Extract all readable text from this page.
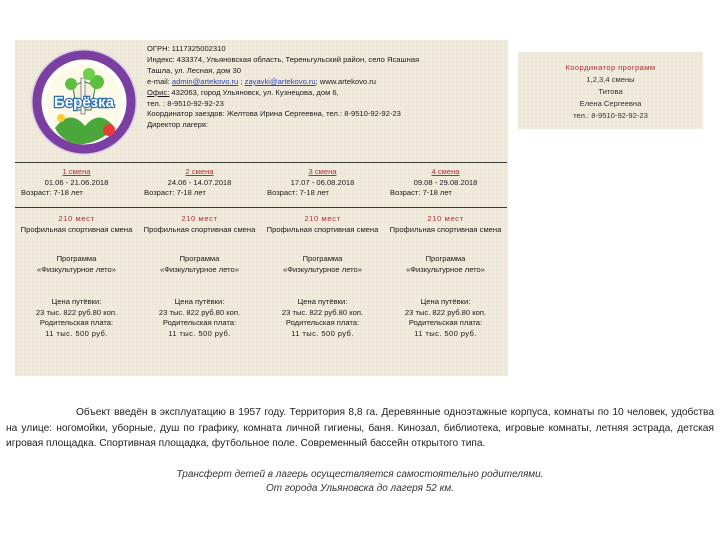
Берёзка
ОГРН: 1117325002310
Индекс: 433374, Ульяновская область, Тереньгульский район, село Ясашная
Ташла, ул. Лесная, дом 30
e-mail: admin@artekovo.ru ; zayavki@artekovo.ru; www.artekovo.ru
Офис: 432063, город Ульяновск, ул. Кузнецова, дом 6,
тел. : 8-9510-92-92-23
Координатор заездов: Желтова Ирина Сергеевна, тел.: 8-9510-92-92-23
Директор лагеря:
1 смена
01.06 - 21.06.2018
Возраст: 7-18 лет
210 мест
Профильная спортивная смена
Программа
«Физкультурное лето»
Цена путёвки:
23 тыс. 822 руб.80 коп.
Родительская плата:
11 тыс. 500 руб.
2 смена
24.06 - 14.07.2018
Возраст: 7-18 лет
210 мест
Профильная спортивная смена
Программа
«Физкультурное лето»
Цена путёвки:
23 тыс. 822 руб.80 коп.
Родительская плата:
11 тыс. 500 руб.
3 смена
17.07 - 06.08.2018
Возраст: 7-18 лет
210 мест
Профильная спортивная смена
Программа
«Физкультурное лето»
Цена путёвки:
23 тыс. 822 руб.80 коп.
Родительская плата:
11 тыс. 500 руб.
4 смена
09.08 - 29.08.2018
Возраст: 7-18 лет
210 мест
Профильная спортивная смена
Программа
«Физкультурное лето»
Цена путёвки:
23 тыс. 822 руб.80 коп.
Родительская плата:
11 тыс. 500 руб.
Координатор программ
1,2,3,4 смены
Титова
Елена Сергеевна
тел.: 8-9510-92-92-23
Объект введён в эксплуатацию в 1957 году. Территория 8,8 га. Деревянные одноэтажные корпуса, комнаты по 10 человек, удобства на улице: ногомойки, уборные, душ по графику, комната личной гигиены, баня. Кинозал, библиотека, игровые комнаты, летняя эстрада, детская игровая площадка. Спортивная площадка, футбольное поле. Современный бассейн открытого типа.
Трансферт детей в лагерь осуществляется самостоятельно родителями.
От города Ульяновска до лагеря 52 км.
